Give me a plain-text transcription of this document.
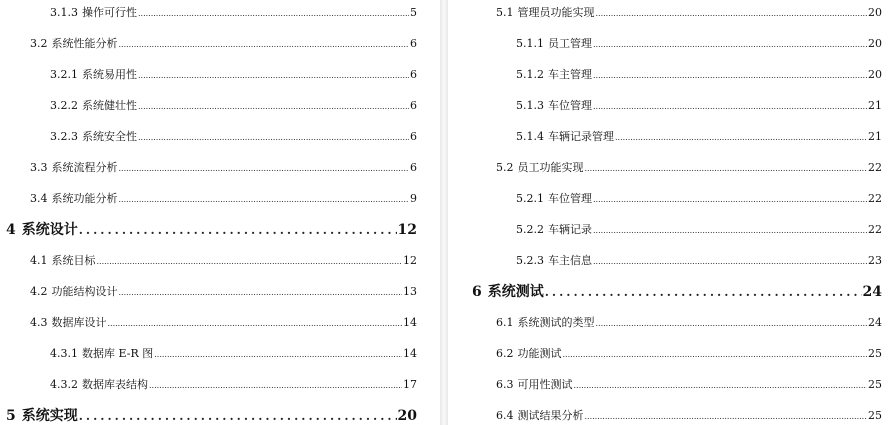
3.1.3 操作可行性 .....	5
3.2 系统性能分析 .....	6
3.2.1 系统易用性 .....	6
3.2.2 系统健壮性 .....	6
3.2.3 系统安全性 .....	6
3.3 系统流程分析 .....	6
3.4 系统功能分析 .....	9
4 系统设计 .....	12
4.1 系统目标 .....	12
4.2 功能结构设计 .....	13
4.3 数据库设计 .....	14
4.3.1 数据库 E-R 图 .....	14
4.3.2 数据库表结构 .....	17
5 系统实现 .....	20
5.1 管理员功能实现 .....	20
5.1.1 员工管理 .....	20
5.1.2 车主管理 .....	20
5.1.3 车位管理 .....	21
5.1.4 车辆记录管理 .....	21
5.2 员工功能实现 .....	22
5.2.1 车位管理 .....	22
5.2.2 车辆记录 .....	22
5.2.3 车主信息 .....	23
6 系统测试 .....	24
6.1 系统测试的类型 .....	24
6.2 功能测试 .....	25
6.3 可用性测试 .....	25
6.4 测试结果分析 .....	25
